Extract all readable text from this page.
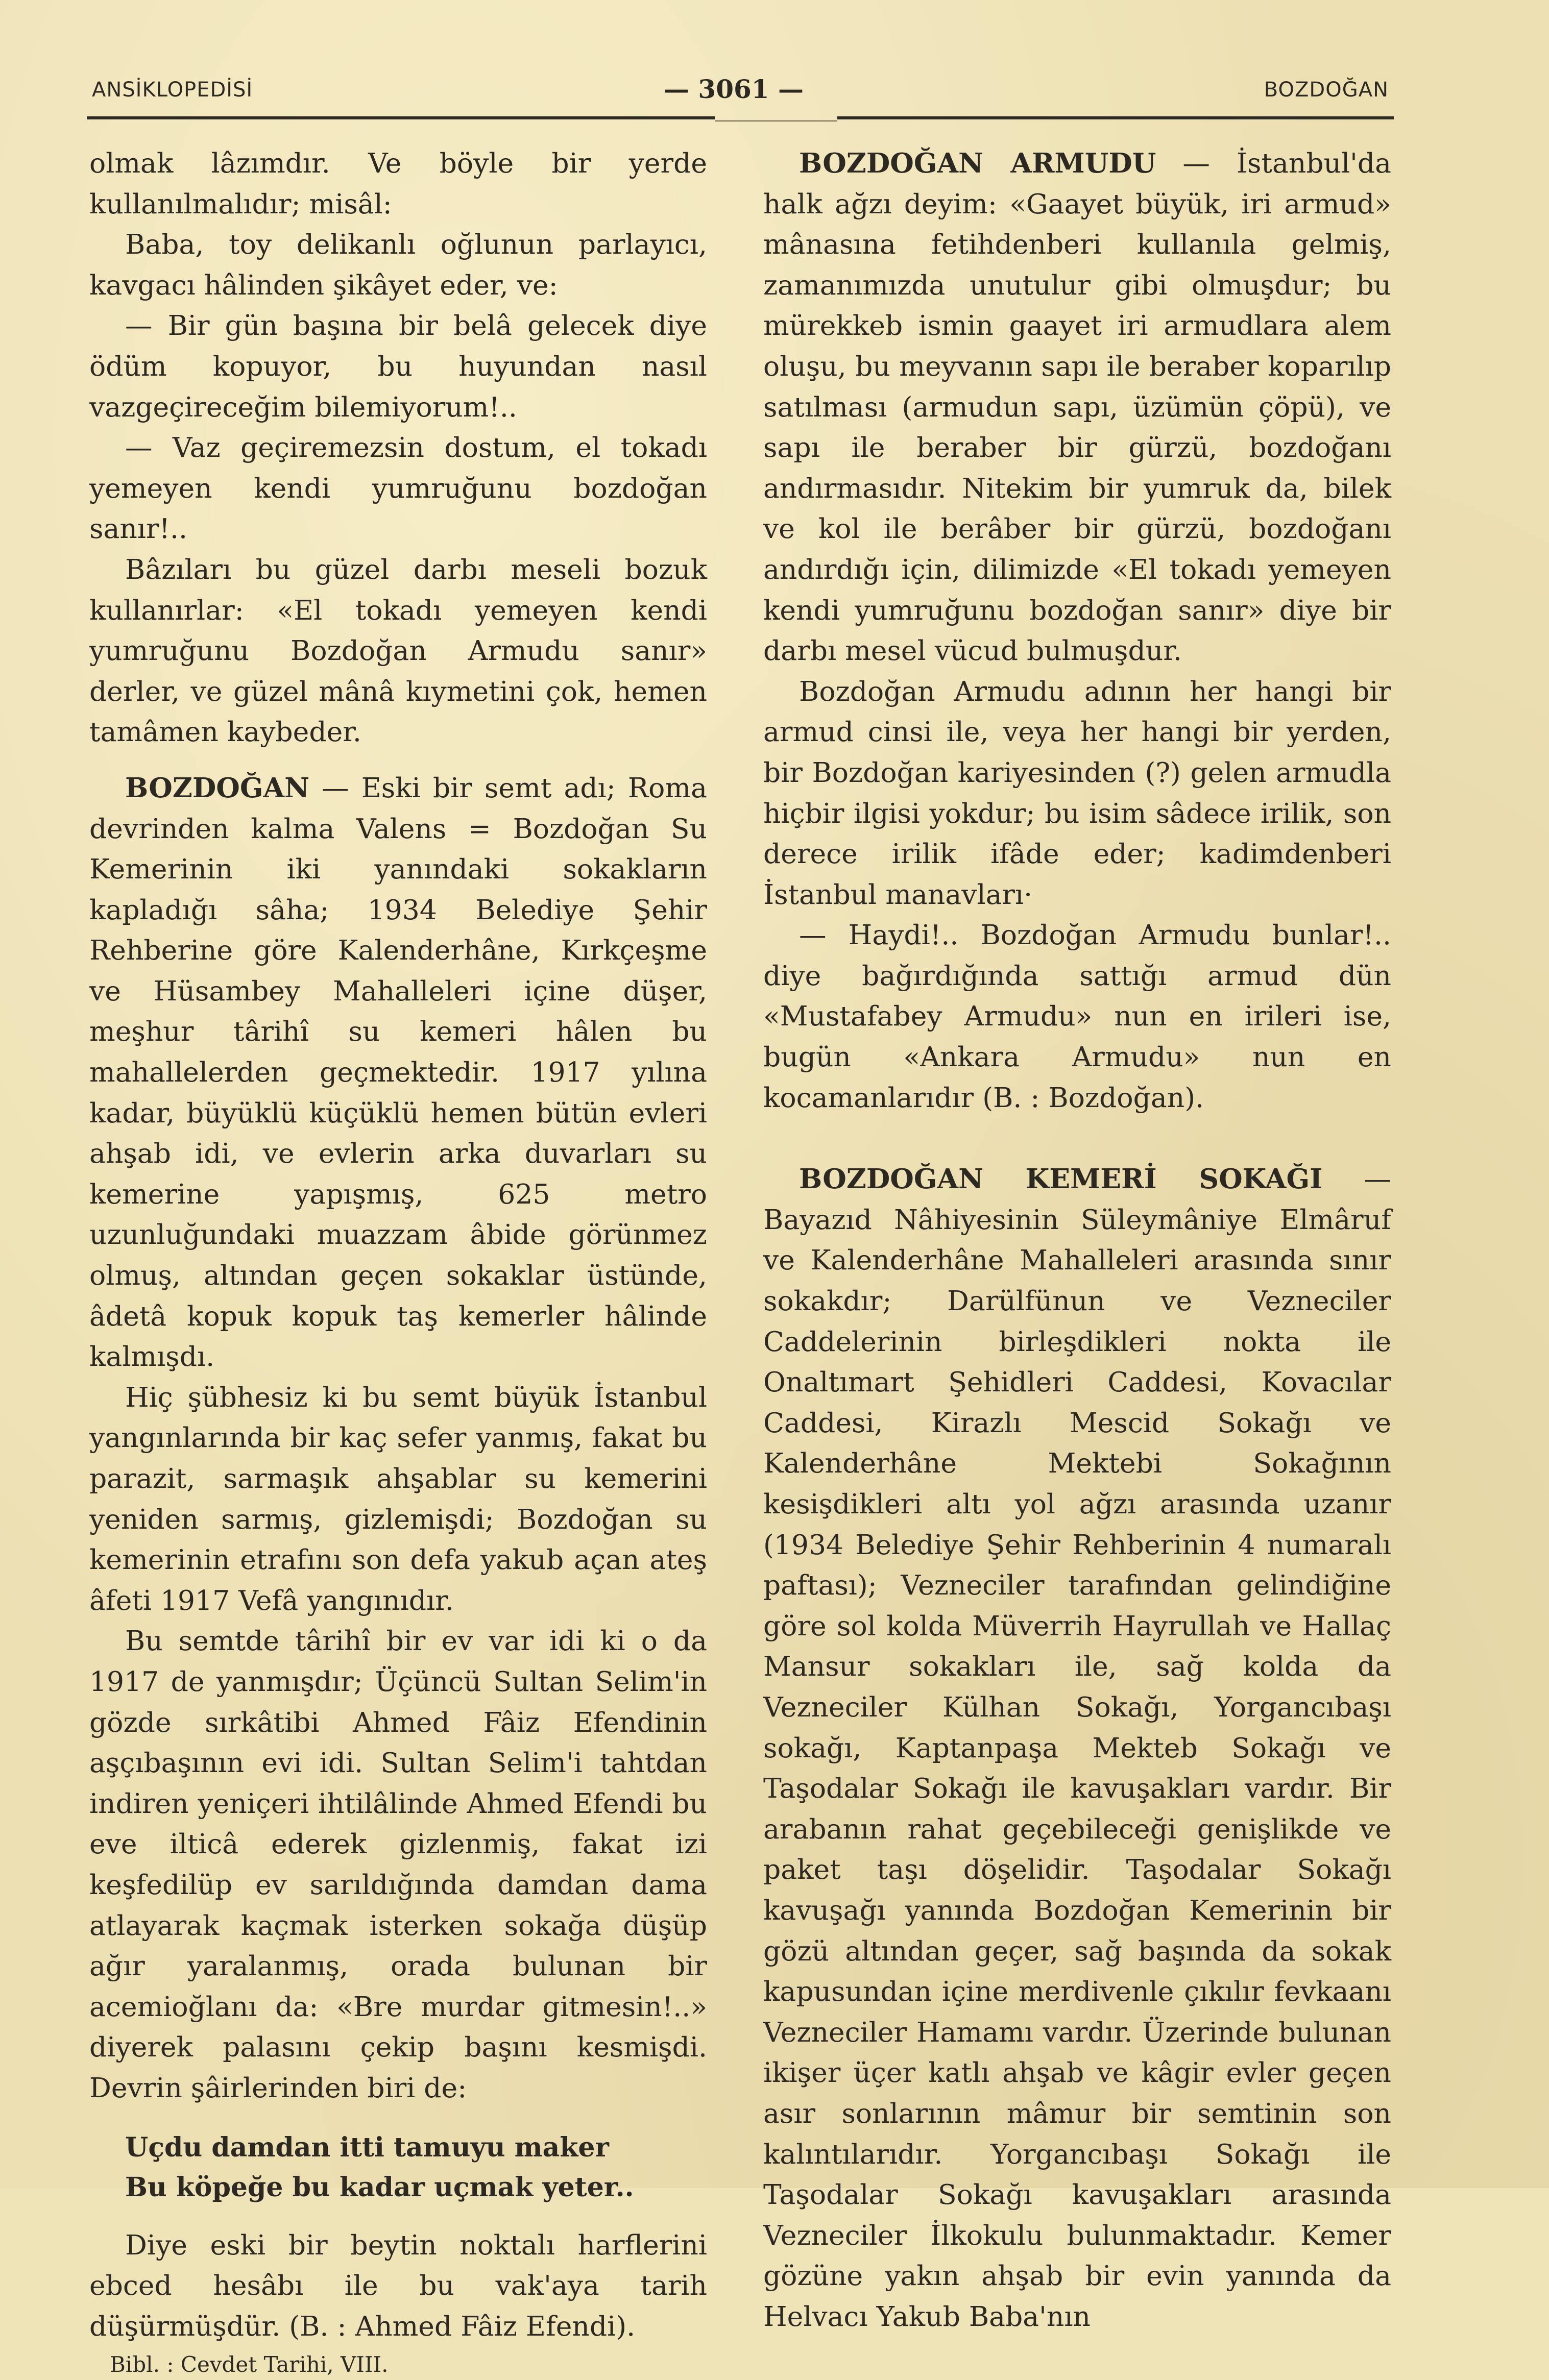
ANSİKLOPEDİSİ	— 3061 —	BOZDOĞAN

olmak lâzımdır. Ve böyle bir yerde kullanılmalıdır; misâl:

Baba, toy delikanlı oğlunun parlayıcı, kavgacı hâlinden şikâyet eder, ve:

— Bir gün başına bir belâ gelecek diye ödüm kopuyor, bu huyundan nasıl vazgeçireceğim bilemiyorum!..

— Vaz geçiremezsin dostum, el tokadı yemeyen kendi yumruğunu bozdoğan sanır!..

Bâzıları bu güzel darbı meseli bozuk kullanırlar: «El tokadı yemeyen kendi yumruğunu Bozdoğan Armudu sanır» derler, ve güzel mânâ kıymetini çok, hemen tamâmen kaybeder.

BOZDOĞAN — Eski bir semt adı; Roma devrinden kalma Valens = Bozdoğan Su Kemerinin iki yanındaki sokakların kapladığı sâha; 1934 Belediye Şehir Rehberine göre Kalenderhâne, Kırkçeşme ve Hüsambey Mahalleleri içine düşer, meşhur târihî su kemeri hâlen bu mahallelerden geçmektedir. 1917 yılına kadar, büyüklü küçüklü hemen bütün evleri ahşab idi, ve evlerin arka duvarları su kemerine yapışmış, 625 metro uzunluğundaki muazzam âbide görünmez olmuş, altından geçen sokaklar üstünde, âdetâ kopuk kopuk taş kemerler hâlinde kalmışdı.

Hiç şübhesiz ki bu semt büyük İstanbul yangınlarında bir kaç sefer yanmış, fakat bu parazit, sarmaşık ahşablar su kemerini yeniden sarmış, gizlemişdi; Bozdoğan su kemerinin etrafını son defa yakub açan ateş âfeti 1917 Vefâ yangınıdır.

Bu semtde târihî bir ev var idi ki o da 1917 de yanmışdır; Üçüncü Sultan Selim'in gözde sırkâtibi Ahmed Fâiz Efendinin aşçıbaşının evi idi. Sultan Selim'i tahtdan indiren yeniçeri ihtilâlinde Ahmed Efendi bu eve ilticâ ederek gizlenmiş, fakat izi keşfedilüp ev sarıldığında damdan dama atlayarak kaçmak isterken sokağa düşüp ağır yaralanmış, orada bulunan bir acemioğlanı da: «Bre murdar gitmesin!..» diyerek palasını çekip başını kesmişdi. Devrin şâirlerinden biri de:

Uçdu damdan itti tamuyu maker
Bu köpeğe bu kadar uçmak yeter..

Diye eski bir beytin noktalı harflerini ebced hesâbı ile bu vak'aya tarih düşürmüşdür. (B. : Ahmed Fâiz Efendi).

Bibl. : Cevdet Tarihi, VIII.

BOZDOĞAN ARMUDU — İstanbul'da halk ağzı deyim: «Gaayet büyük, iri armud» mânasına fetihdenberi kullanıla gelmiş, zamanımızda unutulur gibi olmuşdur; bu mürekkeb ismin gaayet iri armudlara alem oluşu, bu meyvanın sapı ile beraber koparılıp satılması (armudun sapı, üzümün çöpü), ve sapı ile beraber bir gürzü, bozdoğanı andırmasıdır. Nitekim bir yumruk da, bilek ve kol ile berâber bir gürzü, bozdoğanı andırdığı için, dilimizde «El tokadı yemeyen kendi yumruğunu bozdoğan sanır» diye bir darbı mesel vücud bulmuşdur.

Bozdoğan Armudu adının her hangi bir armud cinsi ile, veya her hangi bir yerden, bir Bozdoğan kariyesinden (?) gelen armudla hiçbir ilgisi yokdur; bu isim sâdece irilik, son derece irilik ifâde eder; kadimdenberi İstanbul manavları·

— Haydi!.. Bozdoğan Armudu bunlar!.. diye bağırdığında sattığı armud dün «Mustafabey Armudu» nun en irileri ise, bugün «Ankara Armudu» nun en kocamanlarıdır (B. : Bozdoğan).

BOZDOĞAN KEMERİ SOKAĞI — Bayazıd Nâhiyesinin Süleymâniye Elmâruf ve Kalenderhâne Mahalleleri arasında sınır sokakdır; Darülfünun ve Vezneciler Caddelerinin birleşdikleri nokta ile Onaltımart Şehidleri Caddesi, Kovacılar Caddesi, Kirazlı Mescid Sokağı ve Kalenderhâne Mektebi Sokağının kesişdikleri altı yol ağzı arasında uzanır (1934 Belediye Şehir Rehberinin 4 numaralı paftası); Vezneciler tarafından gelindiğine göre sol kolda Müverrih Hayrullah ve Hallaç Mansur sokakları ile, sağ kolda da Vezneciler Külhan Sokağı, Yorgancıbaşı sokağı, Kaptanpaşa Mekteb Sokağı ve Taşodalar Sokağı ile kavuşakları vardır. Bir arabanın rahat geçebileceği genişlikde ve paket taşı döşelidir. Taşodalar Sokağı kavuşağı yanında Bozdoğan Kemerinin bir gözü altından geçer, sağ başında da sokak kapusundan içine merdivenle çıkılır fevkaanı Vezneciler Hamamı vardır. Üzerinde bulunan ikişer üçer katlı ahşab ve kâgir evler geçen asır sonlarının mâmur bir semtinin son kalıntılarıdır. Yorgancıbaşı Sokağı ile Taşodalar Sokağı kavuşakları arasında Vezneciler İlkokulu bulunmaktadır. Kemer gözüne yakın ahşab bir evin yanında da Helvacı Yakub Baba'nın
